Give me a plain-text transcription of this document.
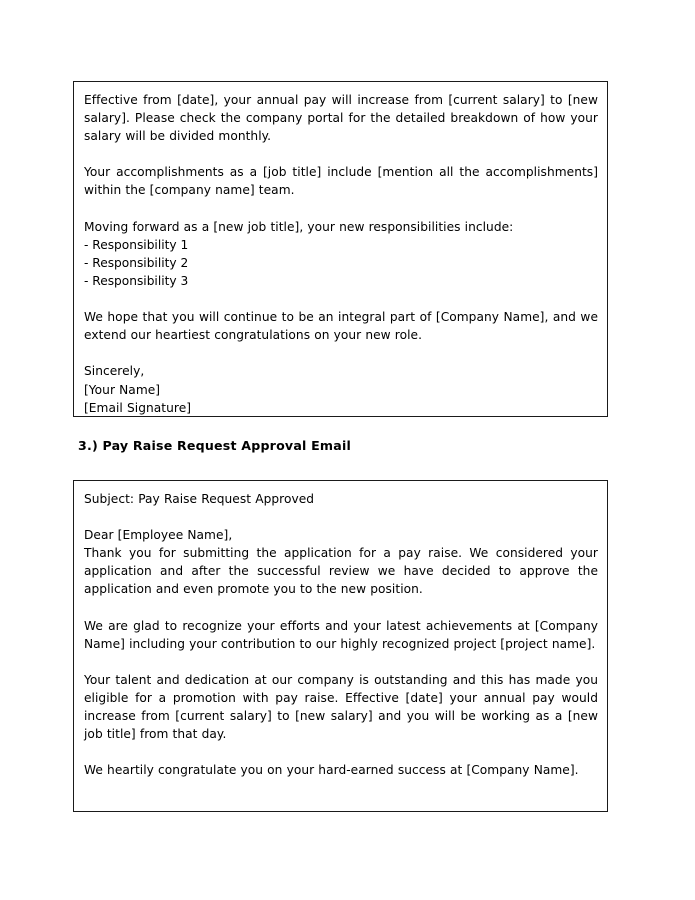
Effective from [date], your annual pay will increase from [current salary] to [new salary]. Please check the company portal for the detailed breakdown of how your salary will be divided monthly.

Your accomplishments as a [job title] include [mention all the accomplishments] within the [company name] team.

Moving forward as a [new job title], your new responsibilities include:

- Responsibility 1

- Responsibility 2

- Responsibility 3

We hope that you will continue to be an integral part of [Company Name], and we extend our heartiest congratulations on your new role.

Sincerely,

[Your Name]

[Email Signature]

3.) Pay Raise Request Approval Email

Subject: Pay Raise Request Approved

Dear [Employee Name],

Thank you for submitting the application for a pay raise. We considered your application and after the successful review we have decided to approve the application and even promote you to the new position.

We are glad to recognize your efforts and your latest achievements at [Company Name] including your contribution to our highly recognized project [project name].

Your talent and dedication at our company is outstanding and this has made you eligible for a promotion with pay raise. Effective [date] your annual pay would increase from [current salary] to [new salary] and you will be working as a [new job title] from that day.

We heartily congratulate you on your hard-earned success at [Company Name].
